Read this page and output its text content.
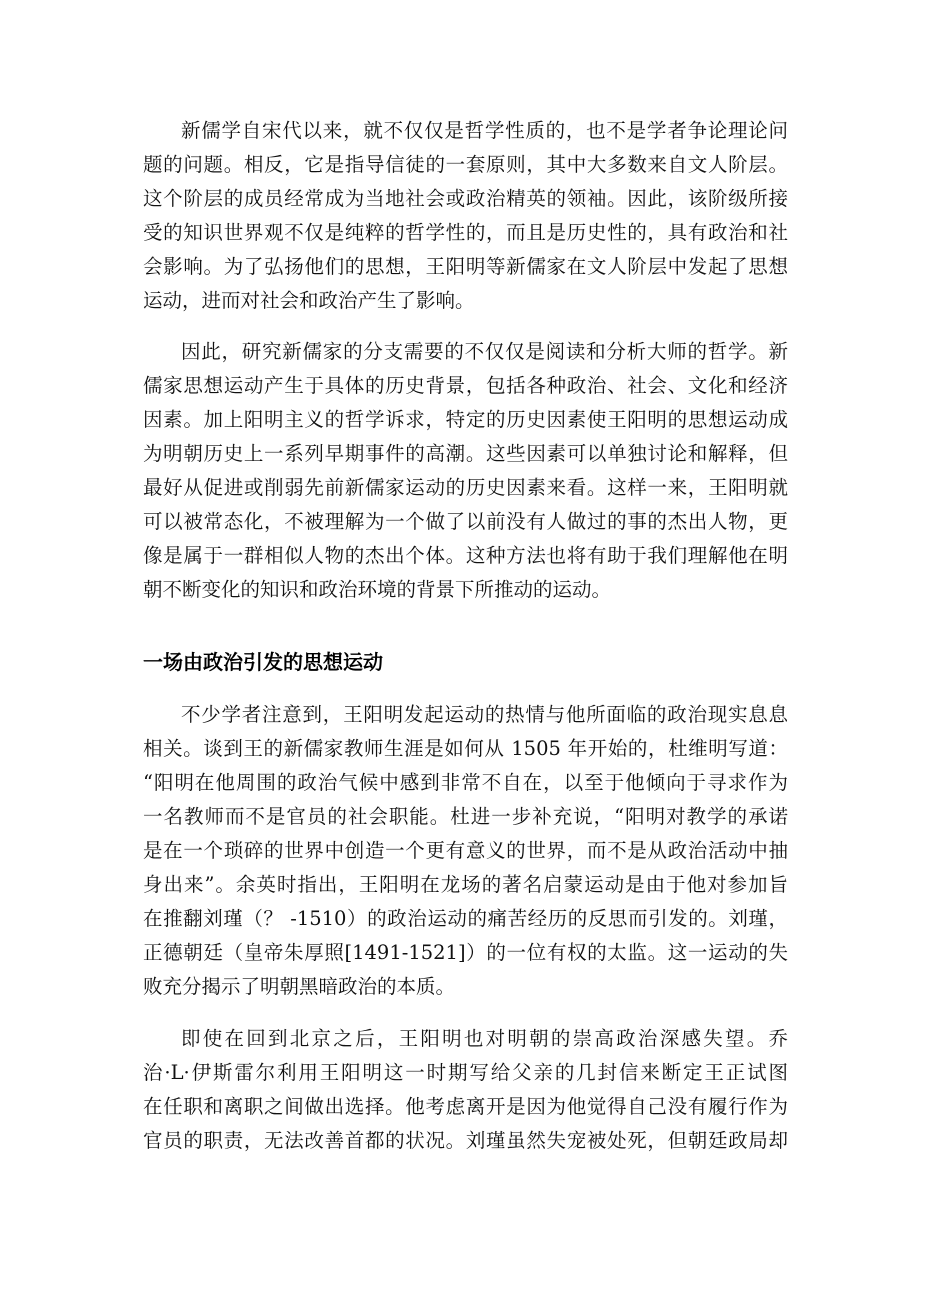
新儒学自宋代以来，就不仅仅是哲学性质的，也不是学者争论理论问
题的问题。相反，它是指导信徒的一套原则，其中大多数来自文人阶层。
这个阶层的成员经常成为当地社会或政治精英的领袖。因此，该阶级所接
受的知识世界观不仅是纯粹的哲学性的，而且是历史性的，具有政治和社
会影响。为了弘扬他们的思想，王阳明等新儒家在文人阶层中发起了思想
运动，进而对社会和政治产生了影响。
因此，研究新儒家的分支需要的不仅仅是阅读和分析大师的哲学。新
儒家思想运动产生于具体的历史背景，包括各种政治、社会、文化和经济
因素。加上阳明主义的哲学诉求，特定的历史因素使王阳明的思想运动成
为明朝历史上一系列早期事件的高潮。这些因素可以单独讨论和解释，但
最好从促进或削弱先前新儒家运动的历史因素来看。这样一来，王阳明就
可以被常态化，不被理解为一个做了以前没有人做过的事的杰出人物，更
像是属于一群相似人物的杰出个体。这种方法也将有助于我们理解他在明
朝不断变化的知识和政治环境的背景下所推动的运动。
一场由政治引发的思想运动
不少学者注意到，王阳明发起运动的热情与他所面临的政治现实息息
相关。谈到王的新儒家教师生涯是如何从 1505 年开始的，杜维明写道：
“阳明在他周围的政治气候中感到非常不自在，以至于他倾向于寻求作为
一名教师而不是官员的社会职能。杜进一步补充说，“阳明对教学的承诺
是在一个琐碎的世界中创造一个更有意义的世界，而不是从政治活动中抽
身出来”。余英时指出，王阳明在龙场的著名启蒙运动是由于他对参加旨
在推翻刘瑾（？ -1510）的政治运动的痛苦经历的反思而引发的。刘瑾，
正德朝廷（皇帝朱厚照[1491-1521]）的一位有权的太监。这一运动的失
败充分揭示了明朝黑暗政治的本质。
即使在回到北京之后，王阳明也对明朝的崇高政治深感失望。乔
治·L·伊斯雷尔利用王阳明这一时期写给父亲的几封信来断定王正试图
在任职和离职之间做出选择。他考虑离开是因为他觉得自己没有履行作为
官员的职责，无法改善首都的状况。刘瑾虽然失宠被处死，但朝廷政局却
